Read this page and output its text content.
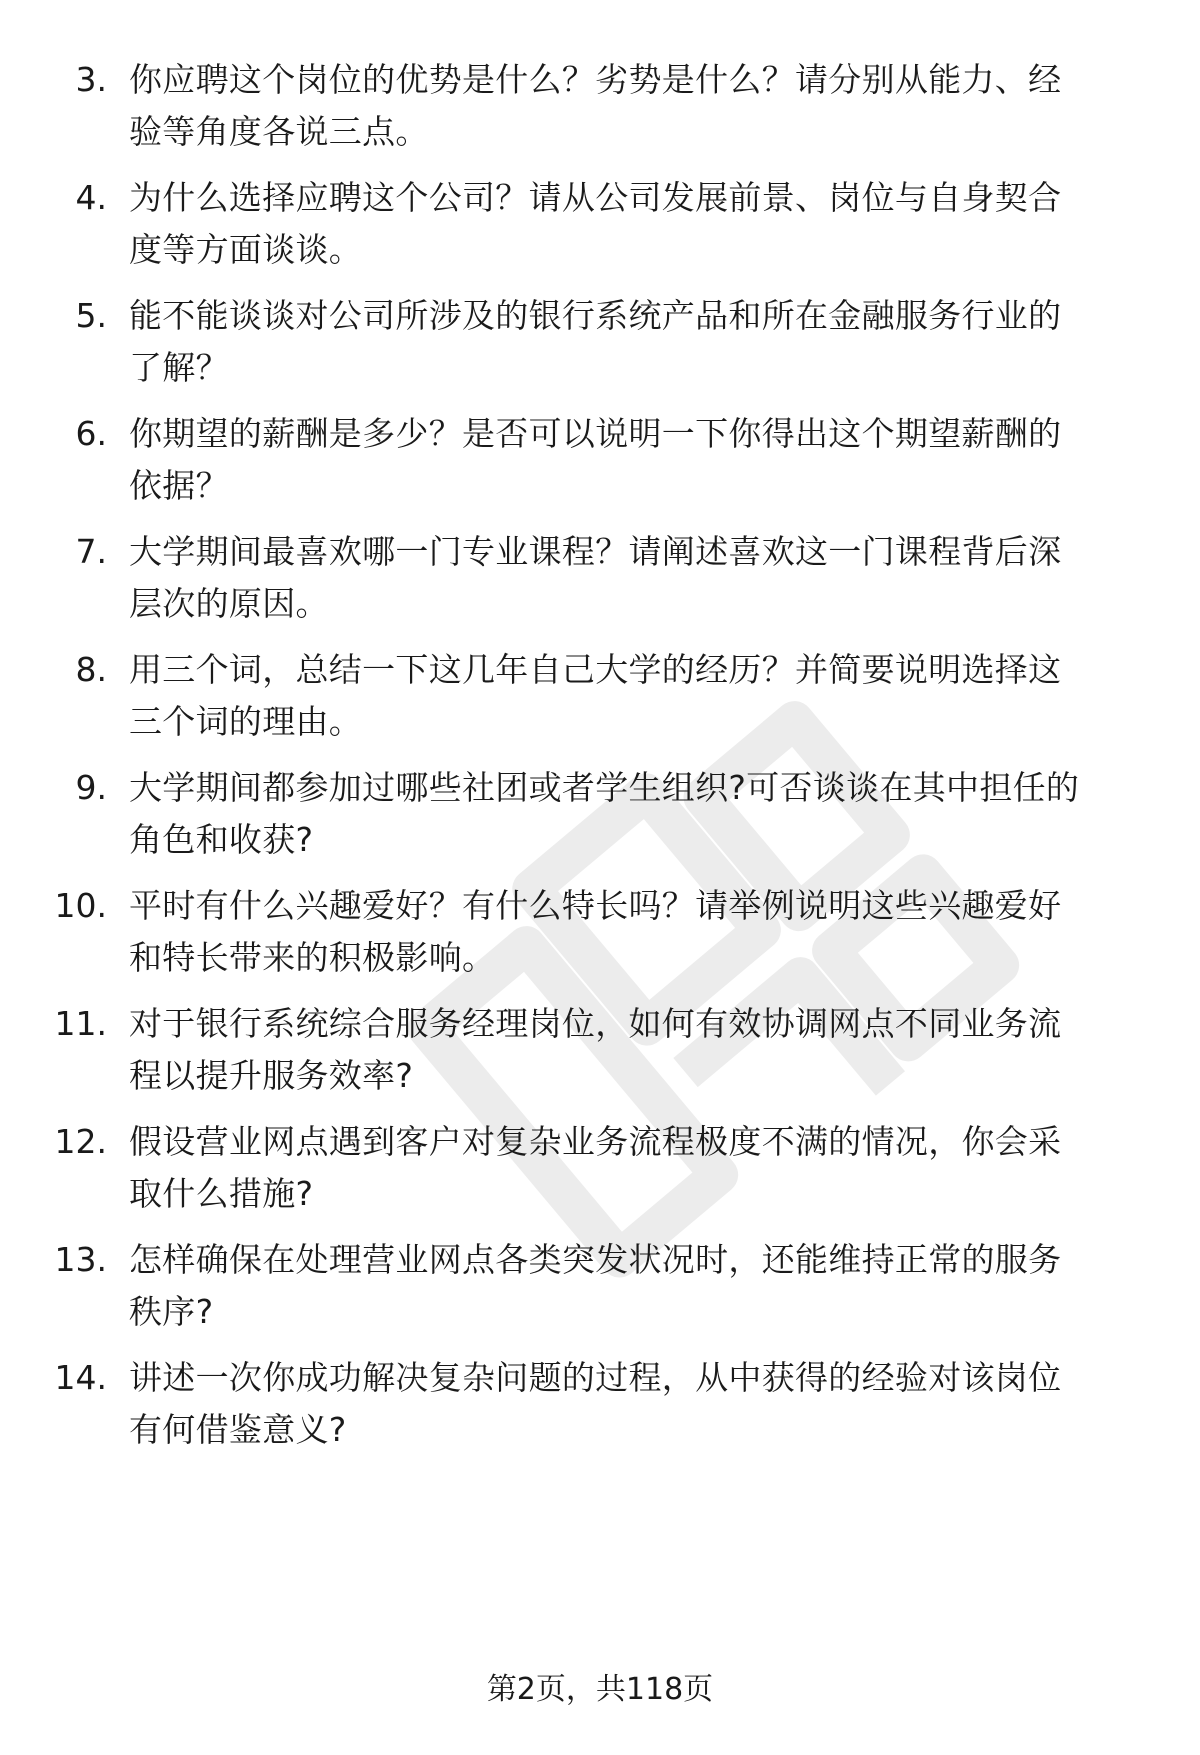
3. 你应聘这个岗位的优势是什么？劣势是什么？请分别从能力、经
验等角度各说三点。
4. 为什么选择应聘这个公司？请从公司发展前景、岗位与自身契合
度等方面谈谈。
5. 能不能谈谈对公司所涉及的银行系统产品和所在金融服务行业的
了解？
6. 你期望的薪酬是多少？是否可以说明一下你得出这个期望薪酬的
依据？
7. 大学期间最喜欢哪一门专业课程？请阐述喜欢这一门课程背后深
层次的原因。
8. 用三个词，总结一下这几年自己大学的经历？并简要说明选择这
三个词的理由。
9. 大学期间都参加过哪些社团或者学生组织?可否谈谈在其中担任的
角色和收获?
10. 平时有什么兴趣爱好？有什么特长吗？请举例说明这些兴趣爱好
和特长带来的积极影响。
11. 对于银行系统综合服务经理岗位，如何有效协调网点不同业务流
程以提升服务效率?
12. 假设营业网点遇到客户对复杂业务流程极度不满的情况，你会采
取什么措施?
13. 怎样确保在处理营业网点各类突发状况时，还能维持正常的服务
秩序?
14. 讲述一次你成功解决复杂问题的过程，从中获得的经验对该岗位
有何借鉴意义?
第2页，共118页
